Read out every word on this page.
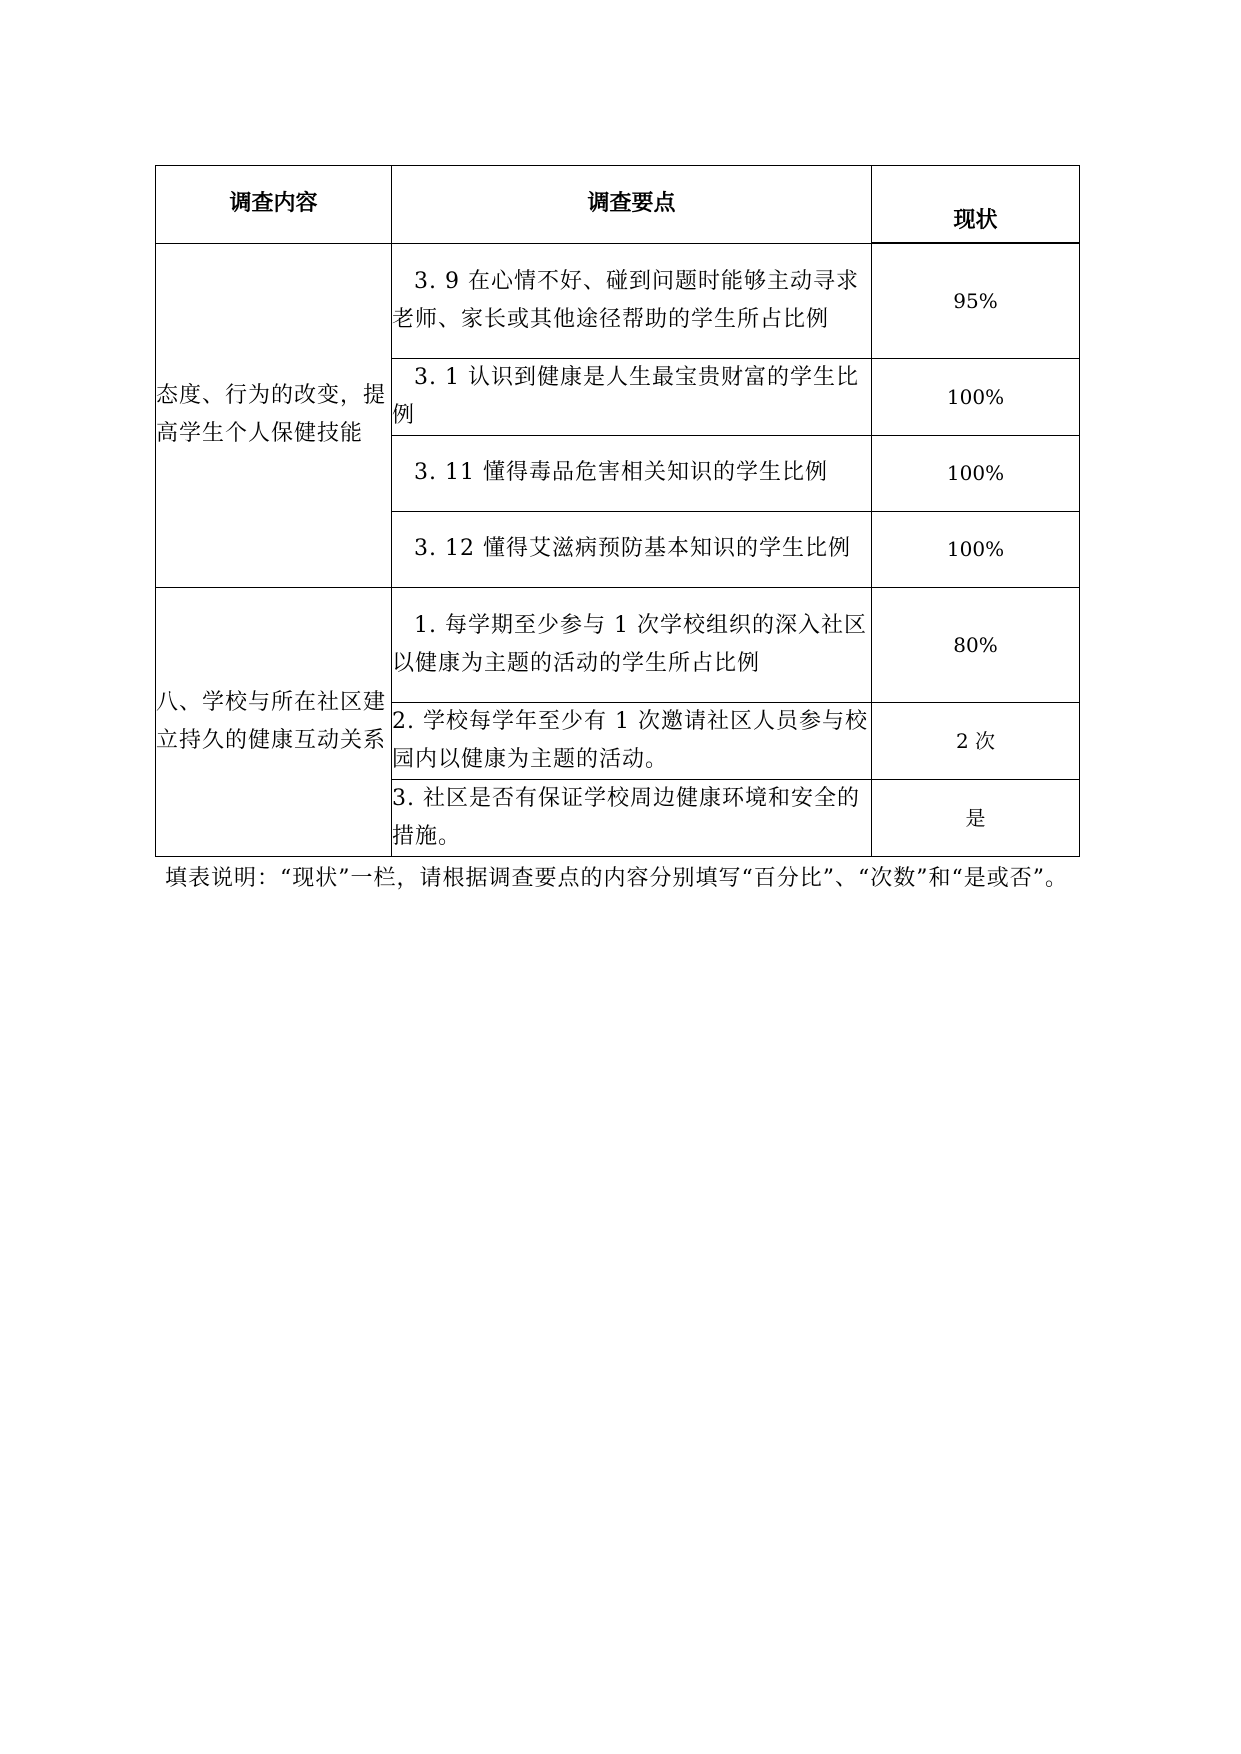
调查内容	调查要点	现状
态度、行为的改变，提高学生个人保健技能	3. 9 在心情不好、碰到问题时能够主动寻求老师、家长或其他途径帮助的学生所占比例	95%
	3. 1 认识到健康是人生最宝贵财富的学生比例	100%
	3. 11 懂得毒品危害相关知识的学生比例	100%
	3. 12 懂得艾滋病预防基本知识的学生比例	100%
八、学校与所在社区建立持久的健康互动关系	1. 每学期至少参与 1 次学校组织的深入社区以健康为主题的活动的学生所占比例	80%
	2. 学校每学年至少有 1 次邀请社区人员参与校园内以健康为主题的活动。	2 次
	3. 社区是否有保证学校周边健康环境和安全的措施。	是
填表说明：“现状”一栏，请根据调查要点的内容分别填写“百分比”、“次数”和“是或否”。
